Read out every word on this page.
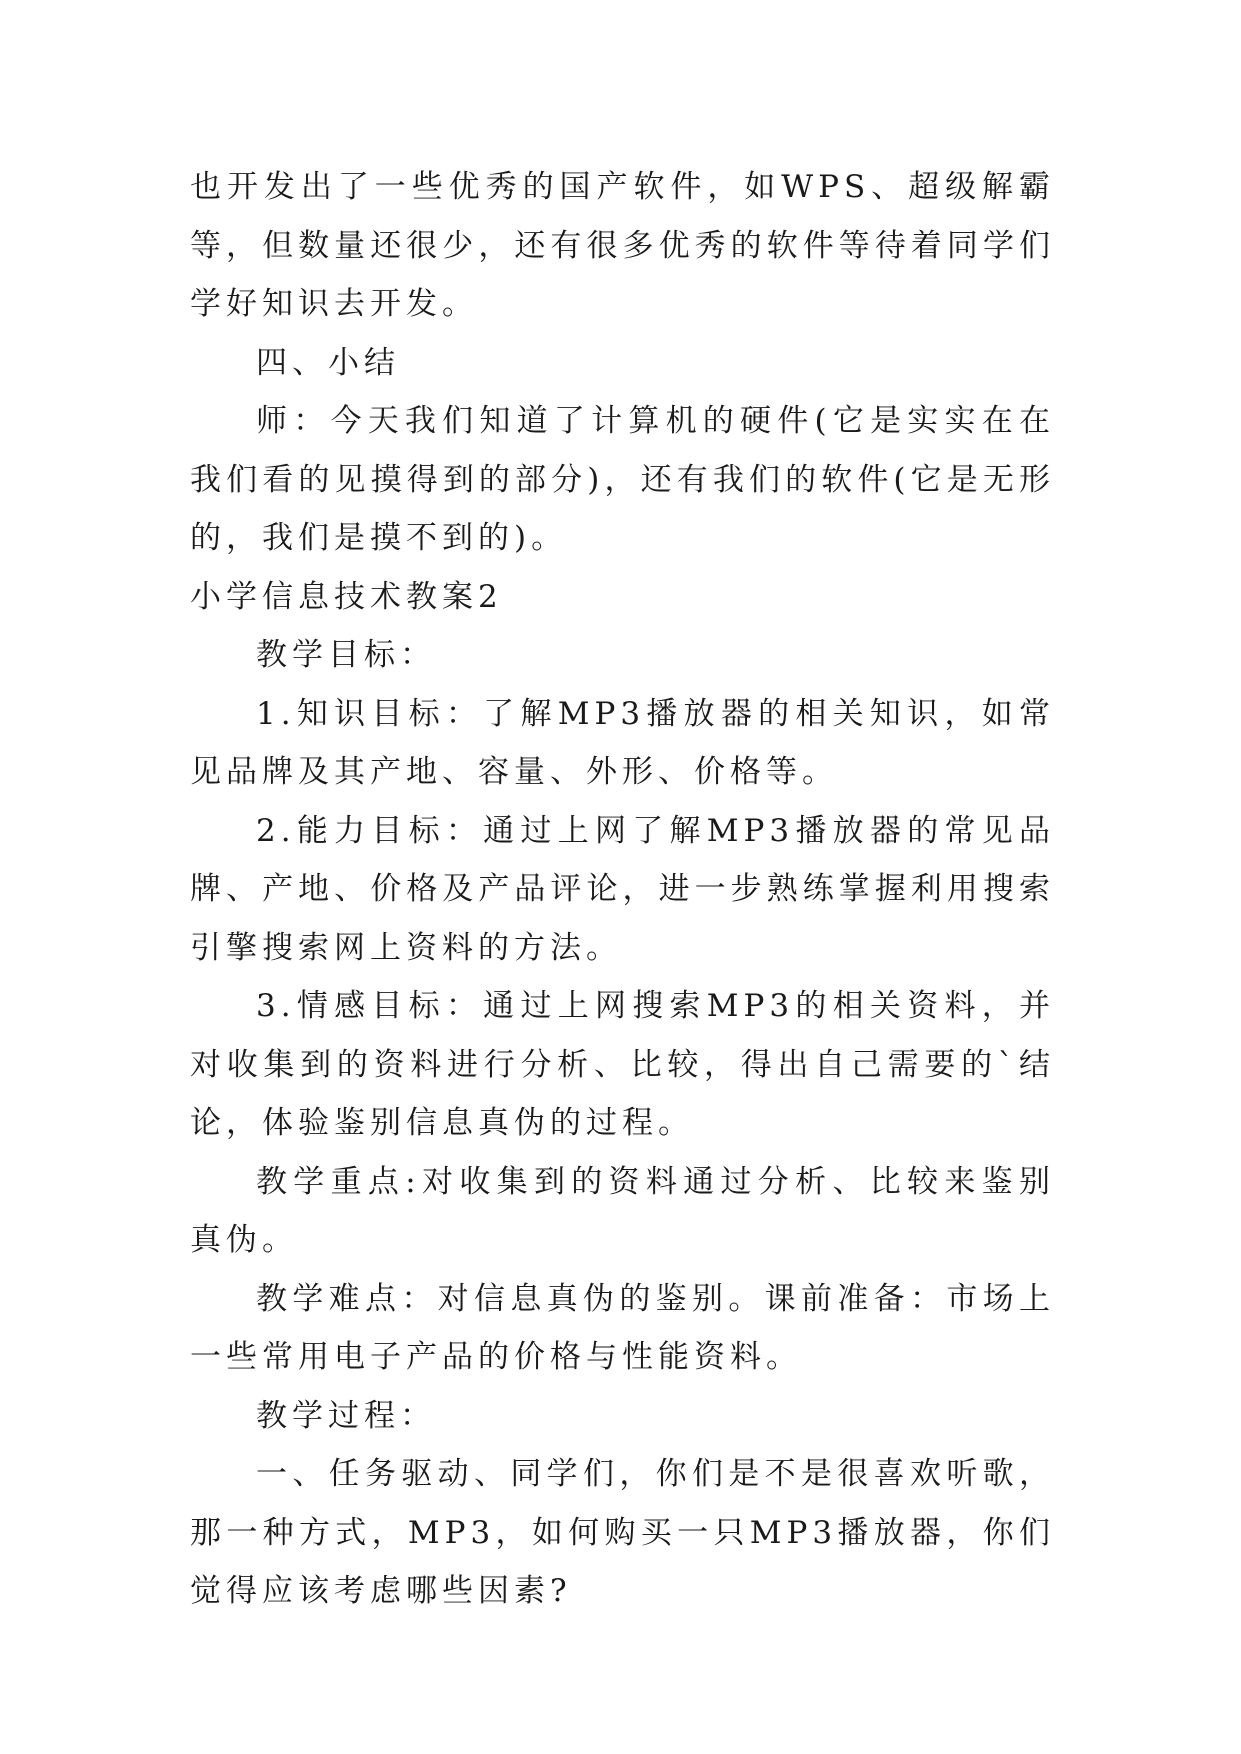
也开发出了一些优秀的国产软件，如WPS、超级解霸等，但数量还很少，还有很多优秀的软件等待着同学们学好知识去开发。

四、小结

师：今天我们知道了计算机的硬件(它是实实在在我们看的见摸得到的部分)，还有我们的软件(它是无形的，我们是摸不到的)。

小学信息技术教案2

教学目标：

1.知识目标：了解MP3播放器的相关知识，如常见品牌及其产地、容量、外形、价格等。

2.能力目标：通过上网了解MP3播放器的常见品牌、产地、价格及产品评论，进一步熟练掌握利用搜索引擎搜索网上资料的方法。

3.情感目标：通过上网搜索MP3的相关资料，并对收集到的资料进行分析、比较，得出自己需要的`结论，体验鉴别信息真伪的过程。

教学重点:对收集到的资料通过分析、比较来鉴别真伪。

教学难点：对信息真伪的鉴别。课前准备：市场上一些常用电子产品的价格与性能资料。

教学过程：

一、任务驱动、同学们，你们是不是很喜欢听歌，那一种方式，MP3，如何购买一只MP3播放器，你们觉得应该考虑哪些因素?
